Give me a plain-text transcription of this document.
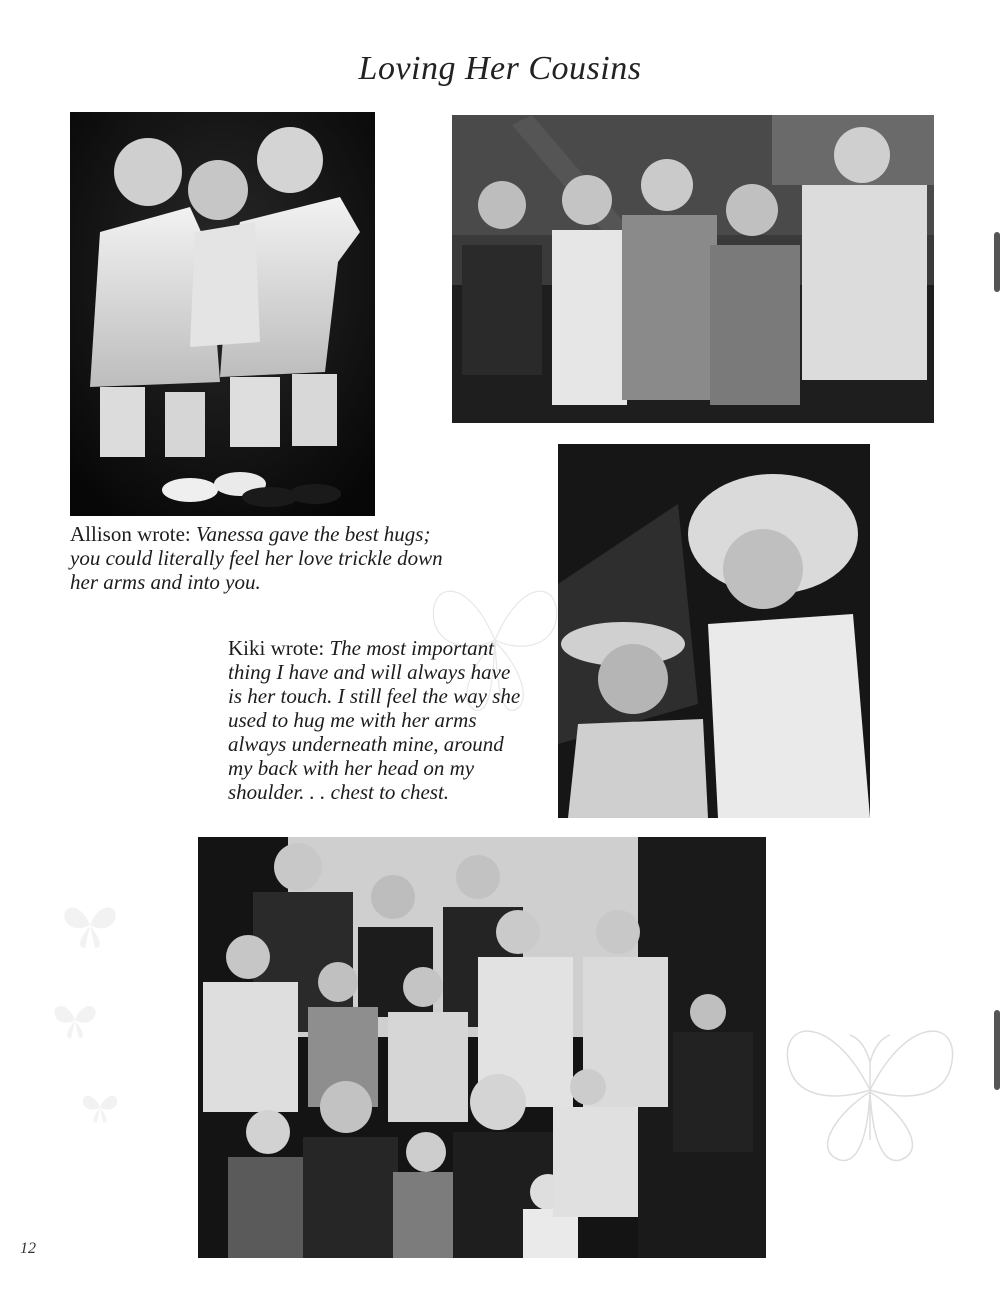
Loving Her Cousins
Allison wrote: Vanessa gave the best hugs; you could literally feel her love trickle down her arms and into you.
Kiki wrote: The most important thing I have and will always have is her touch. I still feel the way she used to hug me with her arms always underneath mine, around my back with her head on my shoulder. . . chest to chest.
12
